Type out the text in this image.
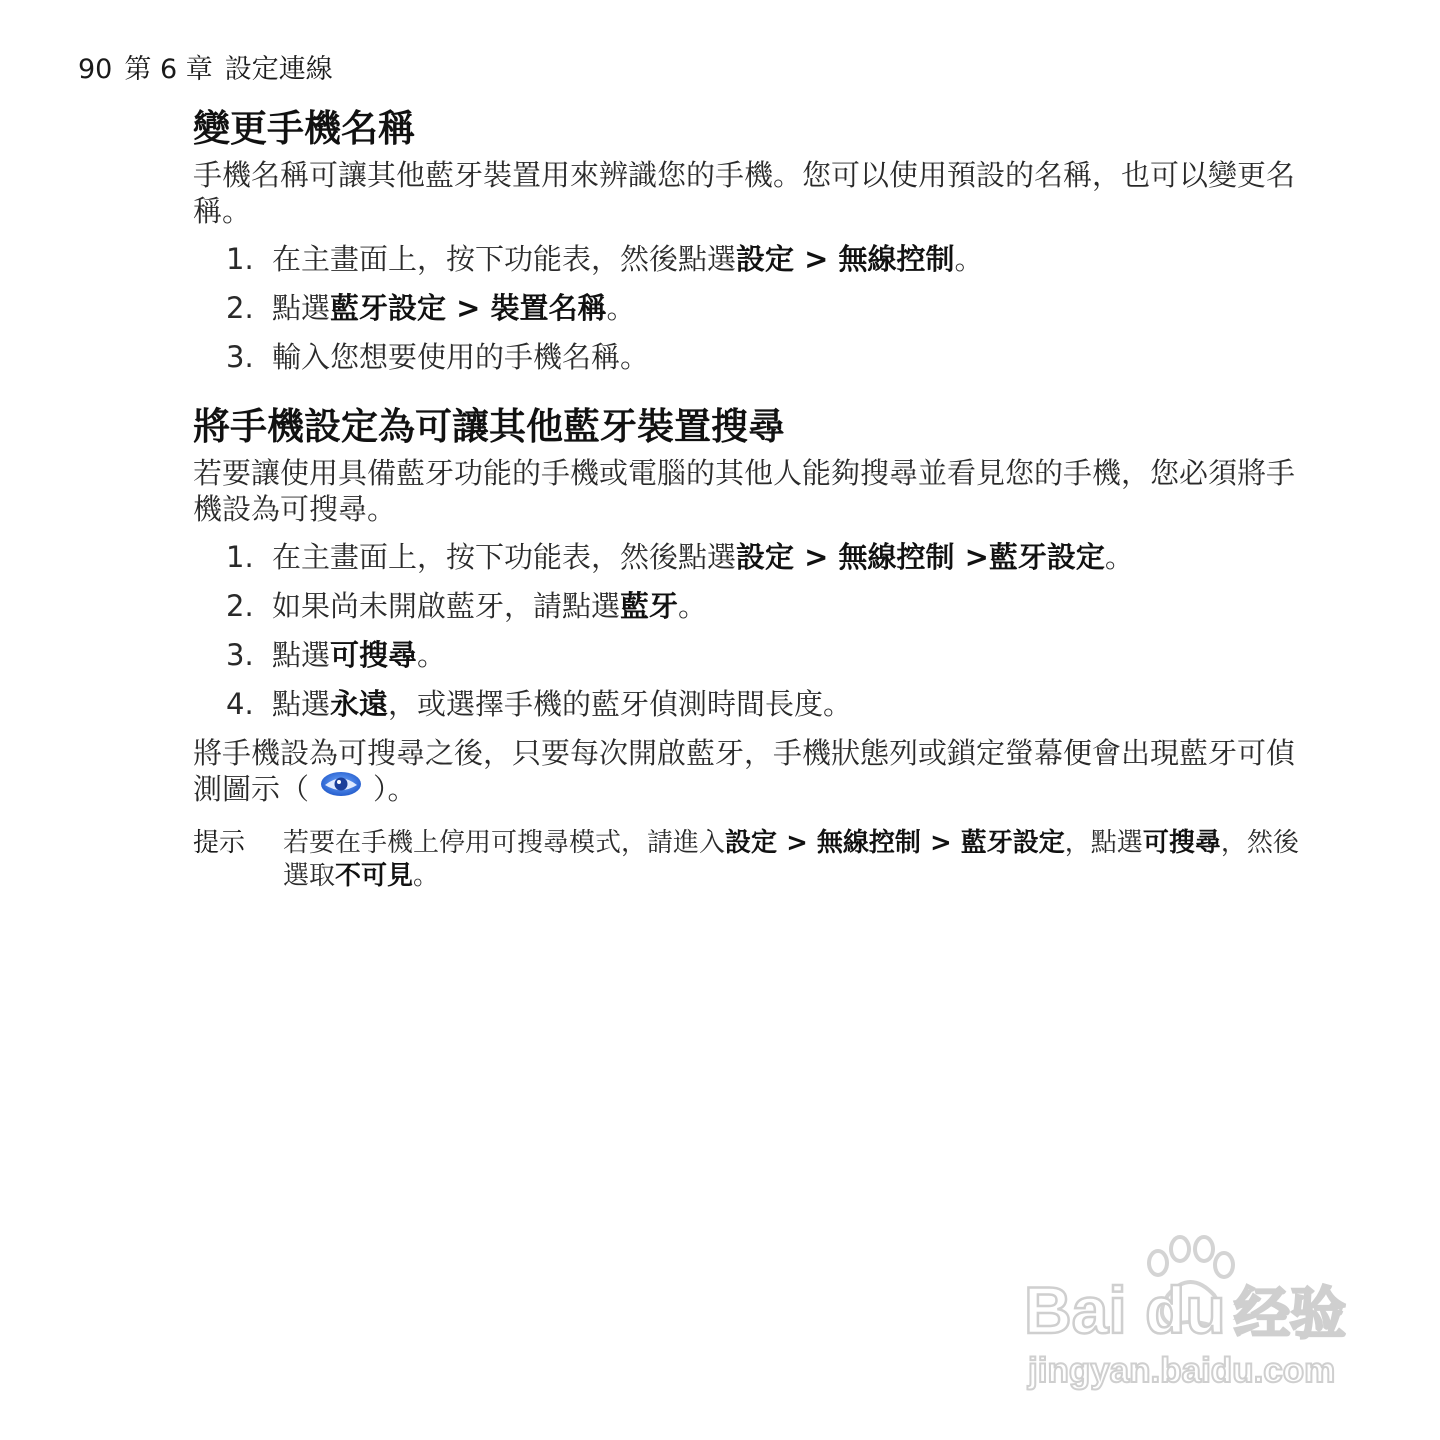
90 第 6 章 設定連線
變更手機名稱

手機名稱可讓其他藍牙裝置用來辨識您的手機。您可以使用預設的名稱，也可以變更名稱。

1. 在主畫面上，按下功能表，然後點選設定 > 無線控制。
2. 點選藍牙設定 > 裝置名稱。
3. 輸入您想要使用的手機名稱。
將手機設定為可讓其他藍牙裝置搜尋

若要讓使用具備藍牙功能的手機或電腦的其他人能夠搜尋並看見您的手機，您必須將手機設為可搜尋。

1. 在主畫面上，按下功能表，然後點選設定 > 無線控制 >藍牙設定。
2. 如果尚未開啟藍牙，請點選藍牙。
3. 點選可搜尋。
4. 點選永遠，或選擇手機的藍牙偵測時間長度。

將手機設為可搜尋之後，只要每次開啟藍牙，手機狀態列或鎖定螢幕便會出現藍牙可偵測圖示（ ）。

提示	若要在手機上停用可搜尋模式，請進入設定 > 無線控制 > 藍牙設定，點選可搜尋，然後選取不可見。
Bai du 经验
jingyan.baidu.com
